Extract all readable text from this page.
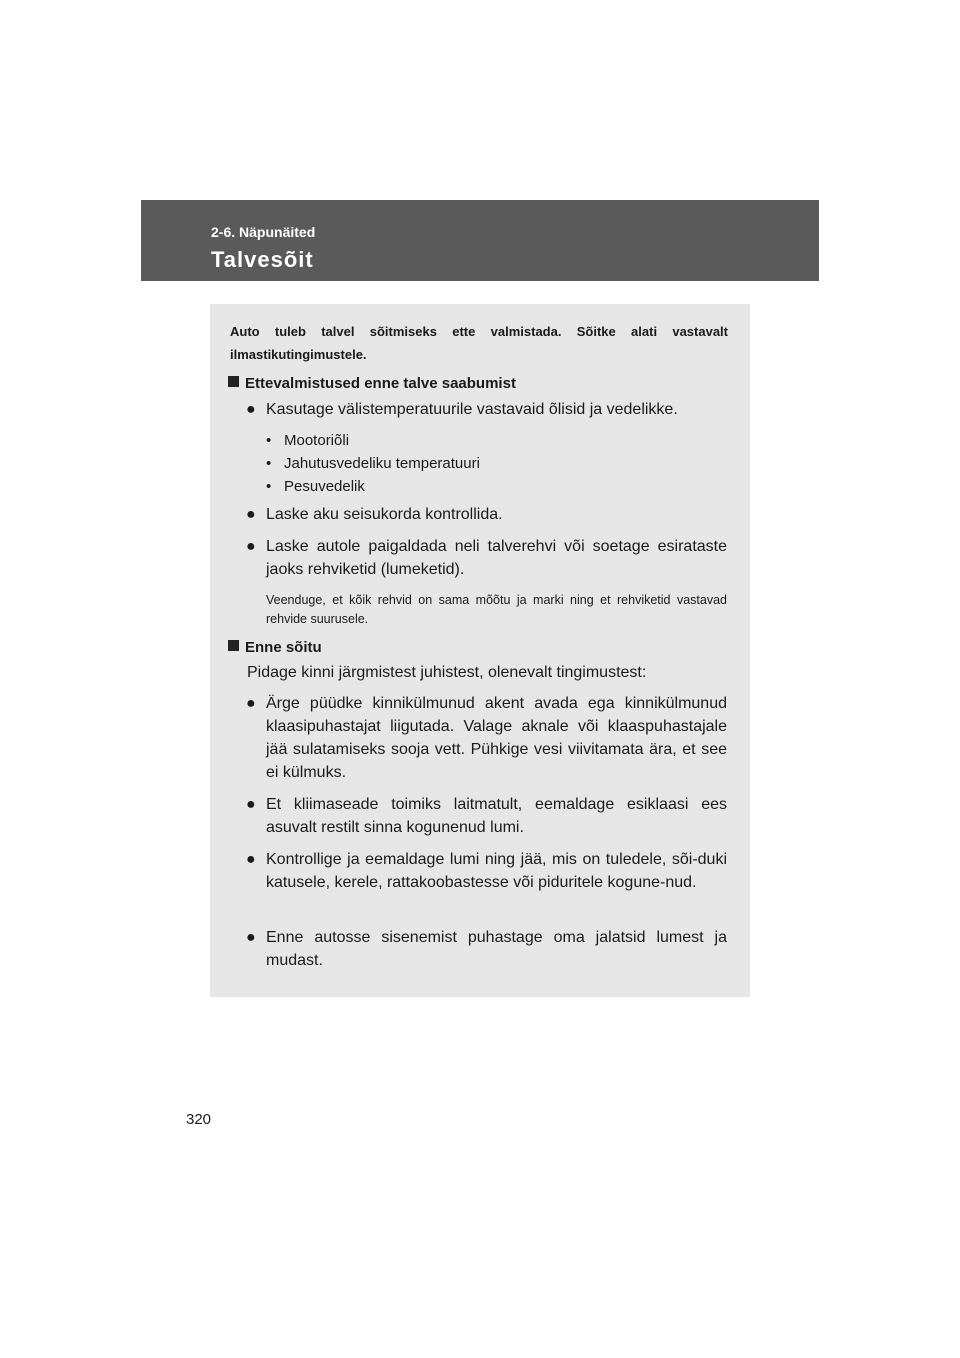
2-6. Näpunäited
Talvesõit
Auto tuleb talvel sõitmiseks ette valmistada. Sõitke alati vastavalt ilmastikutingimustele.
Ettevalmistused enne talve saabumist
● Kasutage välistemperatuurile vastavaid õlisid ja vedelikke.
• Mootoriõli
• Jahutusvedeliku temperatuuri
• Pesuvedelik
● Laske aku seisukorda kontrollida.
● Laske autole paigaldada neli talverehvi või soetage esirataste jaoks rehviketid (lumeketid).
Veenduge, et kõik rehvid on sama mõõtu ja marki ning et rehviketid vastavad rehvide suurusele.
Enne sõitu
Pidage kinni järgmistest juhistest, olenevalt tingimustest:
● Ärge püüdke kinnikülmunud akent avada ega kinnikülmunud klaasipuhastajat liigutada. Valage aknale või klaaspuhastajale jää sulatamiseks sooja vett. Pühkige vesi viivitamata ära, et see ei külmuks.
● Et kliimaseade toimiks laitmatult, eemaldage esiklaasi ees asuvalt restilt sinna kogunenud lumi.
● Kontrollige ja eemaldage lumi ning jää, mis on tuledele, sõi-duki katusele, kerele, rattakoobastesse või piduritele kogune-nud.
● Enne autosse sisenemist puhastage oma jalatsid lumest ja mudast.
320
